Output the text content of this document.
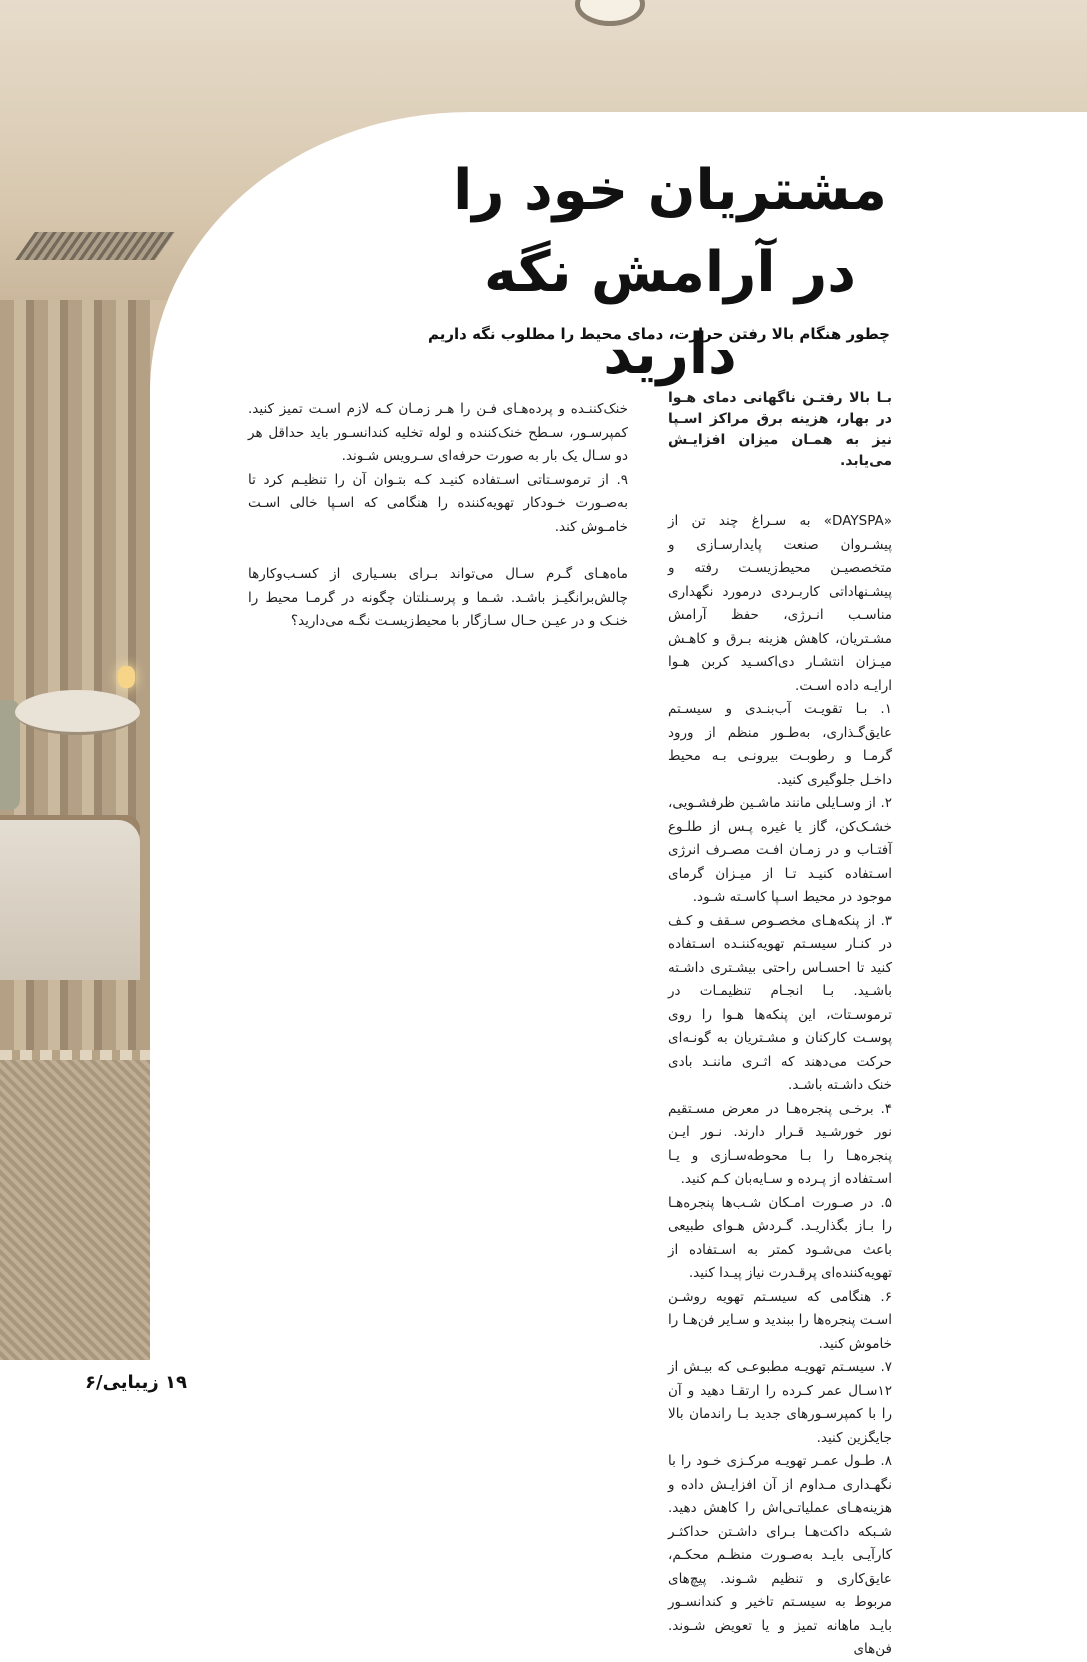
مشتریان خود را در آرامش نگه دارید
چطور هنگام بالا رفتن حرارت، دمای محیط را مطلوب نگه داریم

بـا بالا رفتـن ناگهانی دمای هـوا در بهار، هزینه برق مراکز اسـپا نیز به همـان میزان افزایـش می‌یابد.

«DAYSPA» به سـراغ چند تن از پیشـروان صنعت پایدارسـازی و متخصصیـن محیط‌زیسـت رفته و پیشـنهاداتی کاربـردی درمورد نگهداری مناسـب انـرژی، حفظ آرامش مشـتریان، کاهش هزینه بـرق و کاهـش میـزان انتشـار دی‌اکسـید کربن هـوا ارایـه داده اسـت.

۱. بـا تقویـت آب‌بنـدی و سیسـتم عایق‌گـذاری، به‌طـور منظم از ورود گرمـا و رطوبـت بیرونـی بـه محیط داخـل جلوگیری کنید.

۲. از وسـایلی مانند ماشـین ظرفشـویی، خشـک‌کن، گاز یا غیره پـس از طلـوع آفتـاب و در زمـان افـت مصـرف انرژی اسـتفاده کنیـد تـا از میـزان گرمای موجود در محیط اسـپا کاسـته شـود.

۳. از پنکه‌هـای مخصـوص سـقف و کـف در کنـار سیسـتم تهویه‌کننـده اسـتفاده کنید تا احسـاس راحتی بیشـتری داشـته باشـید. بـا انجـام تنظیمـات در ترموسـتات، این پنکه‌ها هـوا را روی پوسـت کارکنان و مشـتریان به گونـه‌ای حرکت می‌دهند که اثـری ماننـد بادی خنک داشـته باشـد.

۴. برخـی پنجره‌هـا در معرض مسـتقیم نور خورشـید قـرار دارند. نـور ایـن پنجره‌هـا را بـا محوطه‌سـازی و یـا اسـتفاده از پـرده و سـایه‌بان کـم کنید.

۵. در صـورت امـکان شـب‌ها پنجره‌هـا را بـاز بگذاریـد. گـردش هـوای طبیعی باعث می‌شـود کمتر به اسـتفاده از تهویه‌کننده‌ای پرقـدرت نیاز پیـدا کنید.

۶. هنگامی که سیسـتم تهویه روشـن اسـت پنجره‌ها را ببندید و سـایر فن‌هـا را خاموش کنید.

۷. سیسـتم تهویـه مطبوعـی که بیـش از ۱۲سـال عمر کـرده را ارتقـا دهید و آن را با کمپرسـورهای جدید بـا راندمان بالا جایگزین کنید.

۸. طـول عمـر تهویـه مرکـزی خـود را با نگهـداری مـداوم از آن افزایـش داده و هزینه‌هـای عملیاتـی‌اش را کاهش دهید. شـبکه داکت‌هـا بـرای داشـتن حداکثـر کارآیـی بایـد به‌صـورت منظـم محکـم، عایق‌کاری و تنظیم شـوند. پیچ‌های مربوط به سیسـتم تاخیر و کندانسـور بایـد ماهانه تمیز و یا تعویض شـوند. فن‌های

خنک‌کننـده و پرده‌هـای فـن را هـر زمـان کـه لازم اسـت تمیز کنید. کمپرسـور، سـطح خنک‌کننده و لوله تخلیه کندانسـور باید حداقل هر دو سـال یک بار به صورت حرفه‌ای سـرویس شـوند.

۹. از ترموسـتاتی اسـتفاده کنیـد کـه بتـوان آن را تنظیـم کرد تا به‌صـورت خـودکار تهویه‌کننده را هنگامی که اسـپا خالی اسـت خامـوش کند.

ماه‌هـای گـرم سـال می‌تواند بـرای بسـیاری از کسـب‌وکارها چالش‌برانگیـز باشـد. شـما و پرسـنلتان چگونه در گرمـا محیط را خنـک و در عیـن حـال سـازگار با محیط‌زیسـت نگـه می‌دارید؟

۱۹ زیبایی/۶
